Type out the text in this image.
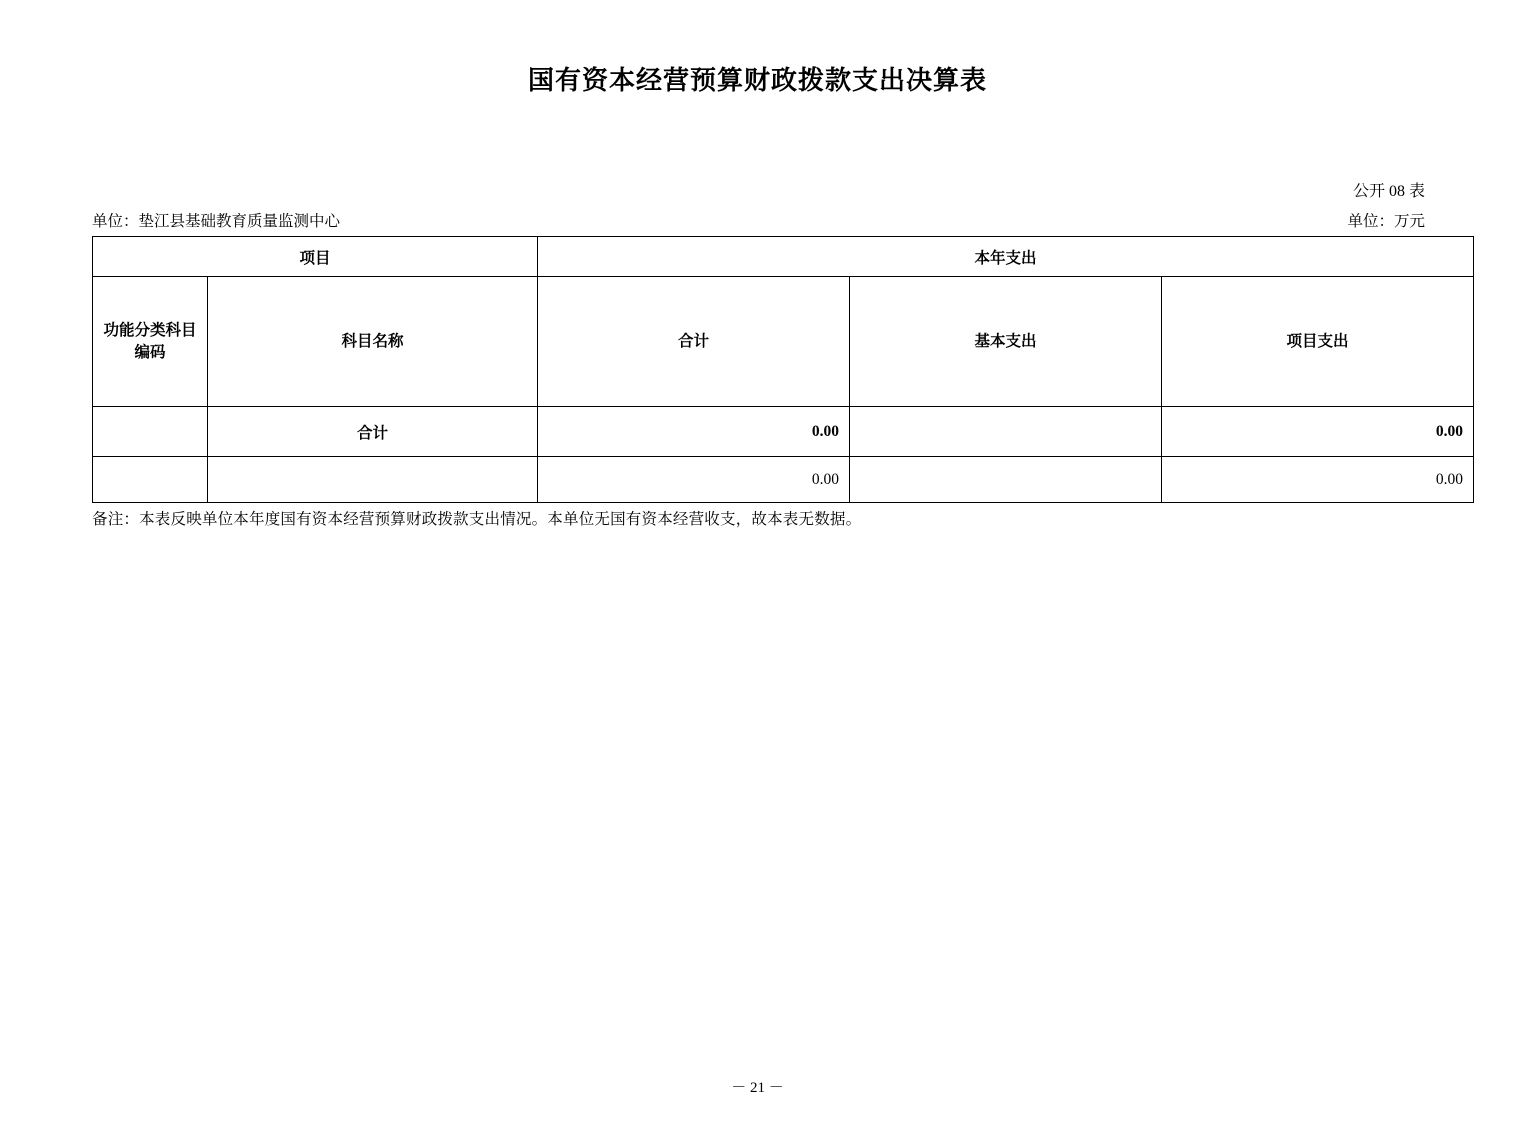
国有资本经营预算财政拨款支出决算表
公开 08 表
单位：垫江县基础教育质量监测中心	单位：万元
项目		本年支出		
功能分类科目编码	科目名称	合计	基本支出	项目支出
	合计	0.00		0.00
		0.00		0.00
备注：本表反映单位本年度国有资本经营预算财政拨款支出情况。本单位无国有资本经营收支，故本表无数据。
－ 21 －
